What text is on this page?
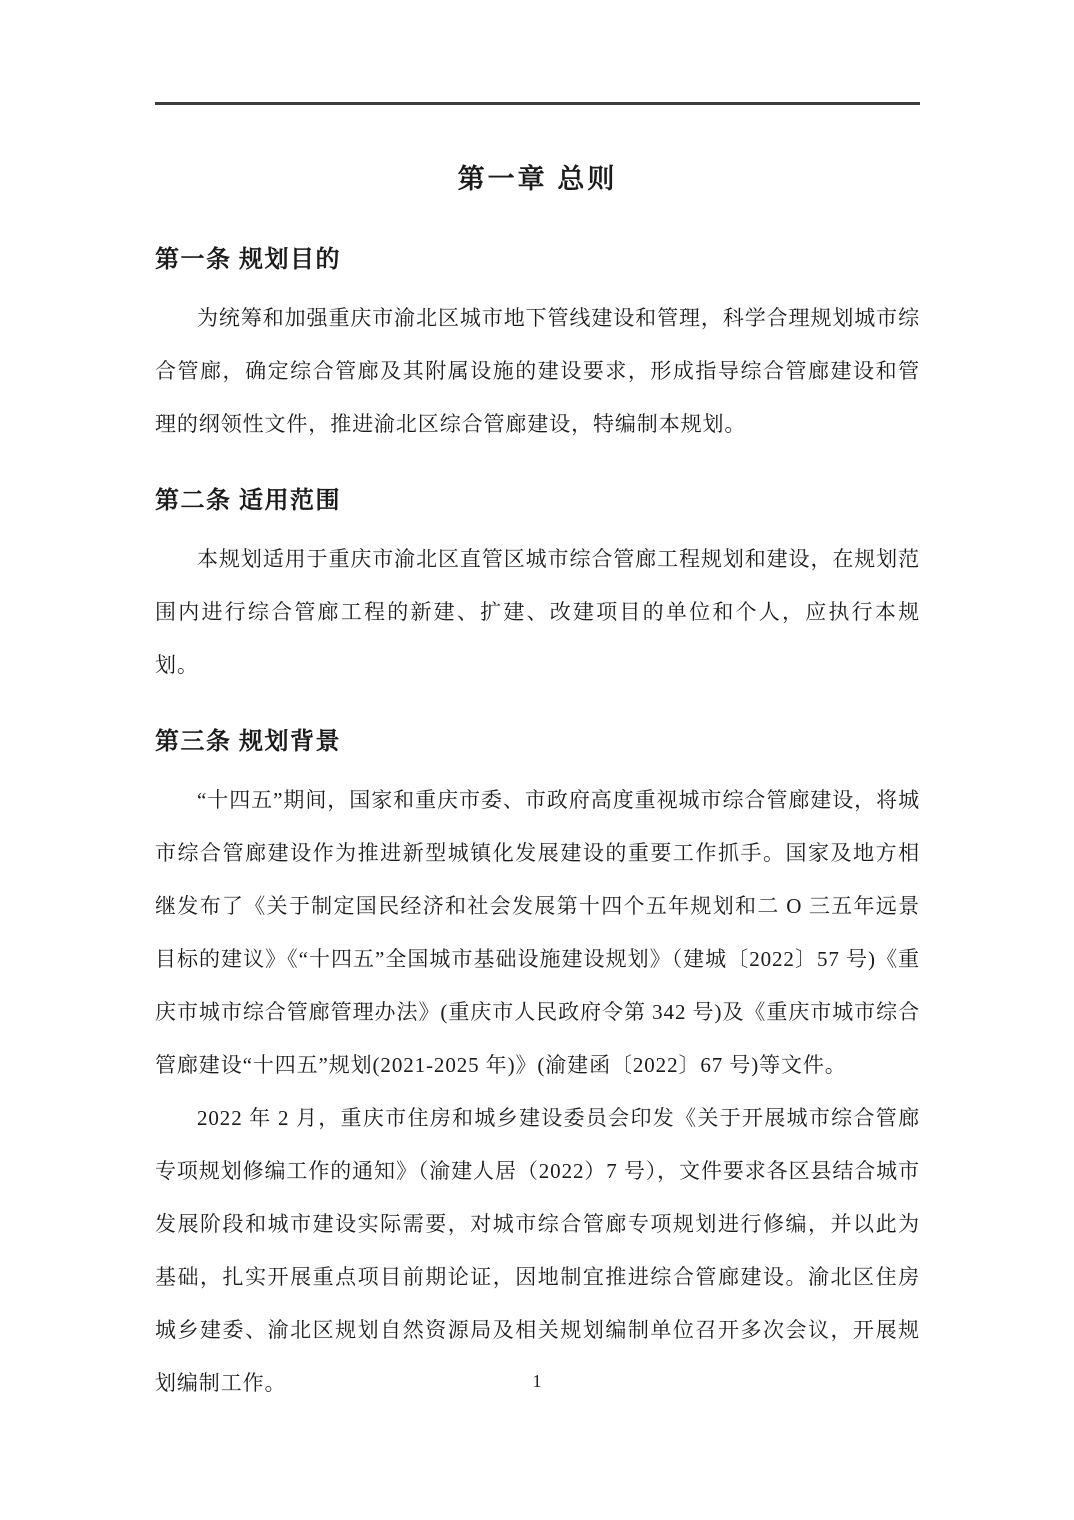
第一章 总则
第一条 规划目的

为统筹和加强重庆市渝北区城市地下管线建设和管理，科学合理规划城市综合管廊，确定综合管廊及其附属设施的建设要求，形成指导综合管廊建设和管理的纲领性文件，推进渝北区综合管廊建设，特编制本规划。

第二条 适用范围

本规划适用于重庆市渝北区直管区城市综合管廊工程规划和建设，在规划范围内进行综合管廊工程的新建、扩建、改建项目的单位和个人，应执行本规划。

第三条 规划背景

“十四五”期间，国家和重庆市委、市政府高度重视城市综合管廊建设，将城市综合管廊建设作为推进新型城镇化发展建设的重要工作抓手。国家及地方相继发布了《关于制定国民经济和社会发展第十四个五年规划和二 O 三五年远景目标的建议》《“十四五”全国城市基础设施建设规划》（建城〔2022〕57 号)《重庆市城市综合管廊管理办法》(重庆市人民政府令第 342 号)及《重庆市城市综合管廊建设“十四五”规划(2021-2025 年)》(渝建函〔2022〕67 号)等文件。

2022 年 2 月，重庆市住房和城乡建设委员会印发《关于开展城市综合管廊专项规划修编工作的通知》（渝建人居（2022）7 号），文件要求各区县结合城市发展阶段和城市建设实际需要，对城市综合管廊专项规划进行修编，并以此为基础，扎实开展重点项目前期论证，因地制宜推进综合管廊建设。渝北区住房城乡建委、渝北区规划自然资源局及相关规划编制单位召开多次会议，开展规划编制工作。	1
